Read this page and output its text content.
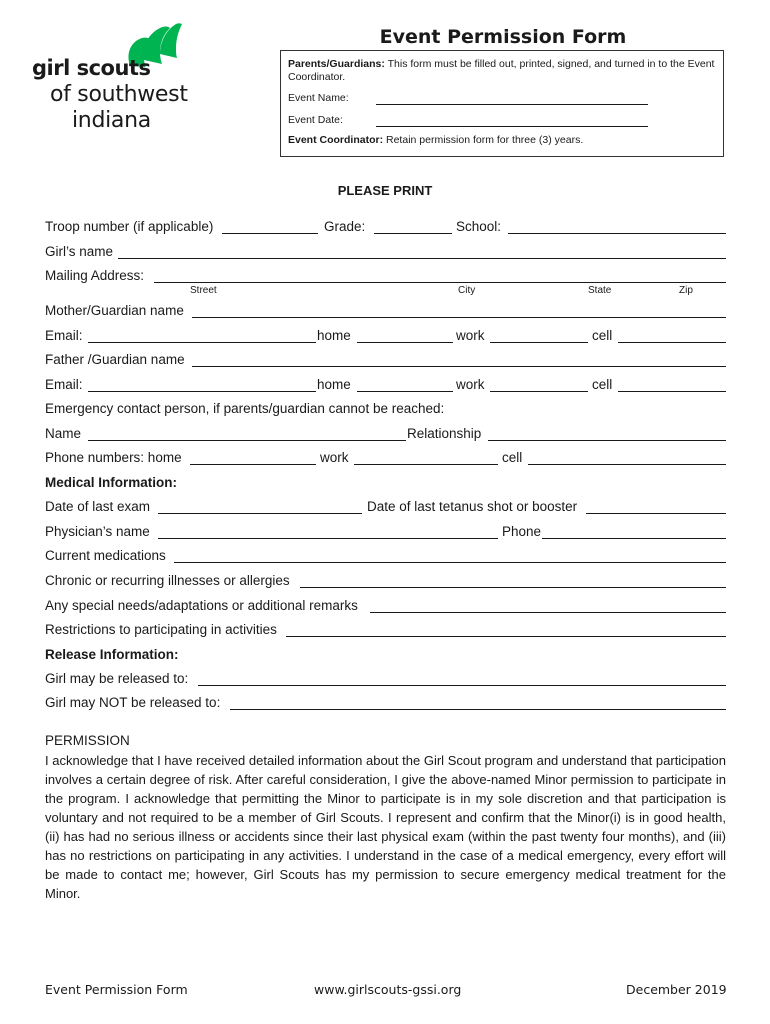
girl scouts
of southwest
indiana
Event Permission Form
Parents/Guardians: This form must be filled out, printed, signed, and turned in to the Event Coordinator.
Event Name:
Event Date:
Event Coordinator: Retain permission form for three (3) years.
PLEASE PRINT
Troop number (if applicable)	Grade:	School:
Girl’s name
Mailing Address:
Street	City	State	Zip
Mother/Guardian name
Email:	home	work	cell
Father /Guardian name
Email:	home	work	cell
Emergency contact person, if parents/guardian cannot be reached:
Name	Relationship
Phone numbers: home	work	cell
Medical Information:
Date of last exam	Date of last tetanus shot or booster
Physician’s name	Phone
Current medications
Chronic or recurring illnesses or allergies
Any special needs/adaptations or additional remarks
Restrictions to participating in activities
Release Information:
Girl may be released to:
Girl may NOT be released to:
PERMISSION
I acknowledge that I have received detailed information about the Girl Scout program and understand that participation involves a certain degree of risk. After careful consideration, I give the above-named Minor permission to participate in the program. I acknowledge that permitting the Minor to participate is in my sole discretion and that participation is voluntary and not required to be a member of Girl Scouts. I represent and confirm that the Minor(i) is in good health, (ii) has had no serious illness or accidents since their last physical exam (within the past twenty four months), and (iii) has no restrictions on participating in any activities. I understand in the case of a medical emergency, every effort will be made to contact me; however, Girl Scouts has my permission to secure emergency medical treatment for the Minor.
Event Permission Form	www.girlscouts-gssi.org	December 2019
